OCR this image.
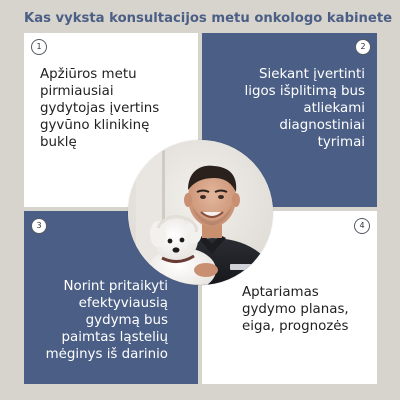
Kas vyksta konsultacijos metu onkologo kabinete
1	2
3	4
Apžiūros metu
pirmiausiai
gydytojas įvertins
gyvūno klinikinę
buklę
Siekant įvertinti
ligos išplitimą bus
atliekami
diagnostiniai
tyrimai
Norint pritaikyti
efektyviausią
gydymą bus
paimtas ląstelių
mėginys iš darinio
Aptariamas
gydymo planas,
eiga, prognozės
